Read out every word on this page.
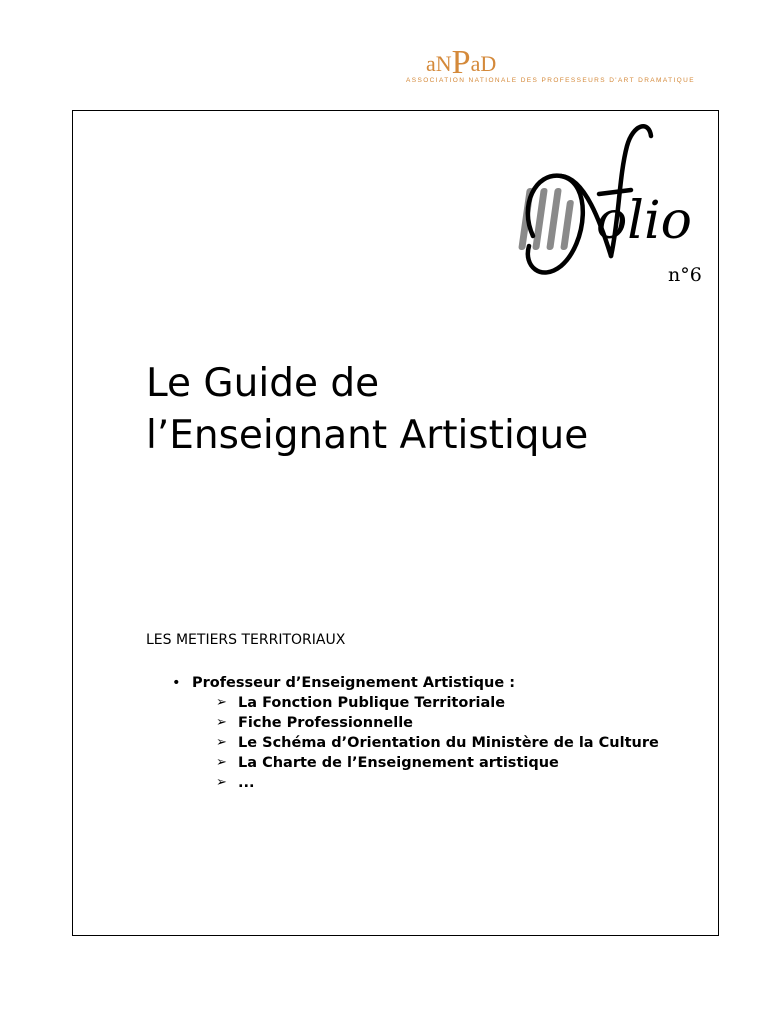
aNPaD
ASSOCIATION NATIONALE DES PROFESSEURS D'ART DRAMATIQUE
olio
n°6
Le Guide de
l’Enseignant Artistique
LES METIERS TERRITORIAUX
• Professeur d’Enseignement Artistique :
➢ La Fonction Publique Territoriale
➢ Fiche Professionnelle
➢ Le Schéma d’Orientation du Ministère de la Culture
➢ La Charte de l’Enseignement artistique
➢ ...
